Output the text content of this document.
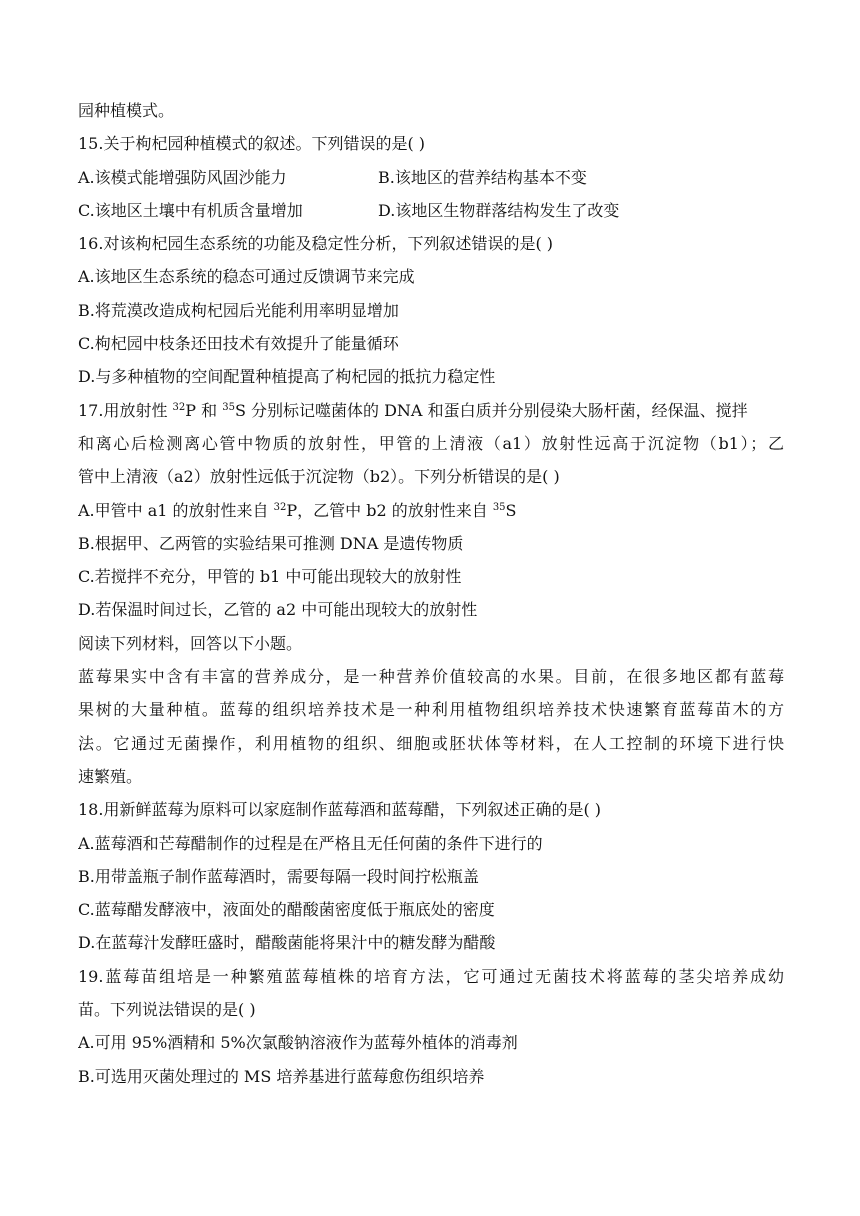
园种植模式。
15.关于枸杞园种植模式的叙述。下列错误的是( )
A.该模式能增强防风固沙能力	B.该地区的营养结构基本不变
C.该地区土壤中有机质含量增加	D.该地区生物群落结构发生了改变
16.对该枸杞园生态系统的功能及稳定性分析，下列叙述错误的是( )
A.该地区生态系统的稳态可通过反馈调节来完成
B.将荒漠改造成枸杞园后光能利用率明显增加
C.枸杞园中枝条还田技术有效提升了能量循环
D.与多种植物的空间配置种植提高了枸杞园的抵抗力稳定性
17.用放射性 $^{32}$P 和 $^{35}$S 分别标记噬菌体的 DNA 和蛋白质并分别侵染大肠杆菌，经保温、搅拌
和离心后检测离心管中物质的放射性，甲管的上清液（a1）放射性远高于沉淀物（b1）；乙
管中上清液（a2）放射性远低于沉淀物（b2）。下列分析错误的是( )
A.甲管中 a1 的放射性来自 $^{32}$P，乙管中 b2 的放射性来自 $^{35}$S
B.根据甲、乙两管的实验结果可推测 DNA 是遗传物质
C.若搅拌不充分，甲管的 b1 中可能出现较大的放射性
D.若保温时间过长，乙管的 a2 中可能出现较大的放射性
阅读下列材料，回答以下小题。
蓝莓果实中含有丰富的营养成分，是一种营养价值较高的水果。目前，在很多地区都有蓝莓
果树的大量种植。蓝莓的组织培养技术是一种利用植物组织培养技术快速繁育蓝莓苗木的方
法。它通过无菌操作，利用植物的组织、细胞或胚状体等材料，在人工控制的环境下进行快
速繁殖。
18.用新鲜蓝莓为原料可以家庭制作蓝莓酒和蓝莓醋，下列叙述正确的是( )
A.蓝莓酒和芒莓醋制作的过程是在严格且无任何菌的条件下进行的
B.用带盖瓶子制作蓝莓酒时，需要每隔一段时间拧松瓶盖
C.蓝莓醋发酵液中，液面处的醋酸菌密度低于瓶底处的密度
D.在蓝莓汁发酵旺盛时，醋酸菌能将果汁中的糖发酵为醋酸
19.蓝莓苗组培是一种繁殖蓝莓植株的培育方法，它可通过无菌技术将蓝莓的茎尖培养成幼
苗。下列说法错误的是( )
A.可用 95%酒精和 5%次氯酸钠溶液作为蓝莓外植体的消毒剂
B.可选用灭菌处理过的 MS 培养基进行蓝莓愈伤组织培养
